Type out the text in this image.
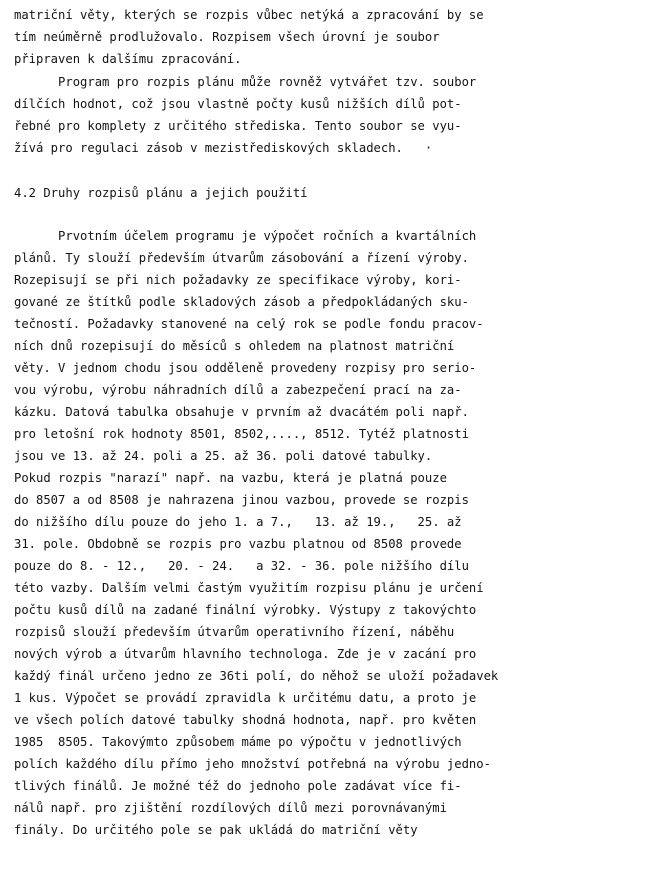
matriční věty, kterých se rozpis vůbec netýká a zpracování by se

tím neúměrně prodlužovalo. Rozpisem všech úrovní je soubor

připraven k dalšímu zpracování.

Program pro rozpis plánu může rovněž vytvářet tzv. soubor

dílčích hodnot, což jsou vlastně počty kusů nižších dílů pot-

řebné pro komplety z určitého střediska. Tento soubor se vyu-

žívá pro regulaci zásob v mezistřediskových skladech.   ·

4.2 Druhy rozpisů plánu a jejich použití

Prvotním účelem programu je výpočet ročních a kvartálních

plánů. Ty slouží především útvarům zásobování a řízení výroby.

Rozepisují se při nich požadavky ze specifikace výroby, kori-

gované ze štítků podle skladových zásob a předpokládaných sku-

tečností. Požadavky stanovené na celý rok se podle fondu pracov-

ních dnů rozepisují do měsíců s ohledem na platnost matriční

věty. V jednom chodu jsou odděleně provedeny rozpisy pro serio-

vou výrobu, výrobu náhradních dílů a zabezpečení prací na za-

kázku. Datová tabulka obsahuje v prvním až dvacátém poli např.

pro letošní rok hodnoty 8501, 8502,...., 8512. Tytéž platnosti

jsou ve 13. až 24. poli a 25. až 36. poli datové tabulky.

Pokud rozpis "narazí" např. na vazbu, která je platná pouze

do 8507 a od 8508 je nahrazena jinou vazbou, provede se rozpis

do nižšího dílu pouze do jeho 1. a 7.,   13. až 19.,   25. až

31. pole. Obdobně se rozpis pro vazbu platnou od 8508 provede

pouze do 8. - 12.,   20. - 24.   a 32. - 36. pole nižšího dílu

této vazby. Dalším velmi častým využitím rozpisu plánu je určení

počtu kusů dílů na zadané finální výrobky. Výstupy z takovýchto

rozpisů slouží především útvarům operativního řízení, náběhu

nových výrob a útvarům hlavního technologa. Zde je v zacání pro

každý finál určeno jedno ze 36ti polí, do něhož se uloží požadavek

1 kus. Výpočet se provádí zpravidla k určitému datu, a proto je

ve všech polích datové tabulky shodná hodnota, např. pro květen

1985  8505. Takovýmto způsobem máme po výpočtu v jednotlivých

polích každého dílu přímo jeho množství potřebná na výrobu jedno-

tlivých finálů. Je možné též do jednoho pole zadávat více fi-

nálů např. pro zjištění rozdílových dílů mezi porovnávanými

finály. Do určitého pole se pak ukládá do matriční věty
